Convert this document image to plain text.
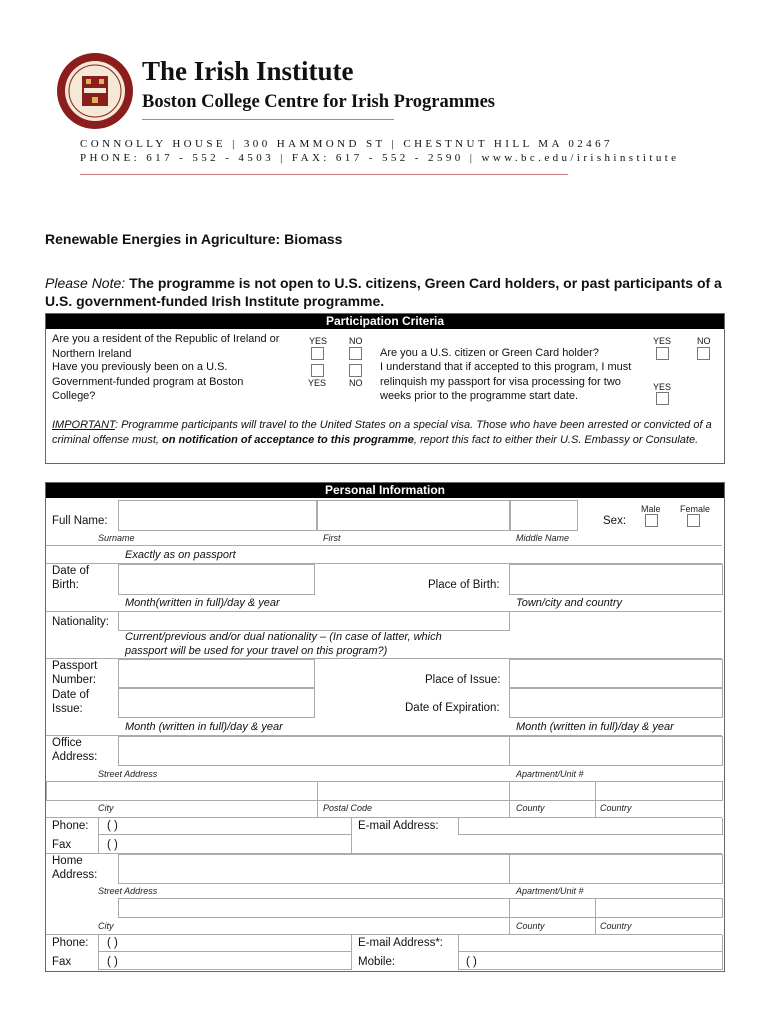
The Irish Institute
Boston College Centre for Irish Programmes
CONNOLLY HOUSE | 300 HAMMOND ST | CHESTNUT HILL MA 02467
PHONE: 617 - 552 - 4503 | FAX: 617 - 552 - 2590 | www.bc.edu/irishinstitute
Renewable Energies in Agriculture: Biomass
Please Note: The programme is not open to U.S. citizens, Green Card holders, or past participants of a U.S. government-funded Irish Institute programme.
Participation Criteria
Are you a resident of the Republic of Ireland or Northern Ireland
YES NO
Have you previously been on a U.S. Government-funded program at Boston College?
YES	NO
Are you a U.S. citizen or Green Card holder?
I understand that if accepted to this program, I must relinquish my passport for visa processing for two weeks prior to the programme start date.
YES	NO
YES
IMPORTANT: Programme participants will travel to the United States on a special visa. Those who have been arrested or convicted of a criminal offense must, on notification of acceptance to this programme, report this fact to either their U.S. Embassy or Consulate.
Personal Information
Full Name:	Sex:
Male Female
Surname	First	Middle Name
Exactly as on passport
Date of
Birth:	Place of Birth:
Month(written in full)/day & year	Town/city and country
Nationality:
Current/previous and/or dual nationality – (In case of latter, which passport will be used for your travel on this program?)
Passport
Number:	Place of Issue:
Date of
Issue:	Date of Expiration:
Month (written in full)/day & year	Month (written in full)/day & year
Office
Address:
Street Address	Apartment/Unit #
City	Postal Code	County	Country
Phone: ( )	E-mail Address:
Fax	( )
Home
Address:
Street Address	Apartment/Unit #
City	County	Country
Phone: ( )	E-mail Address*:
Fax	( )	Mobile:	( )
